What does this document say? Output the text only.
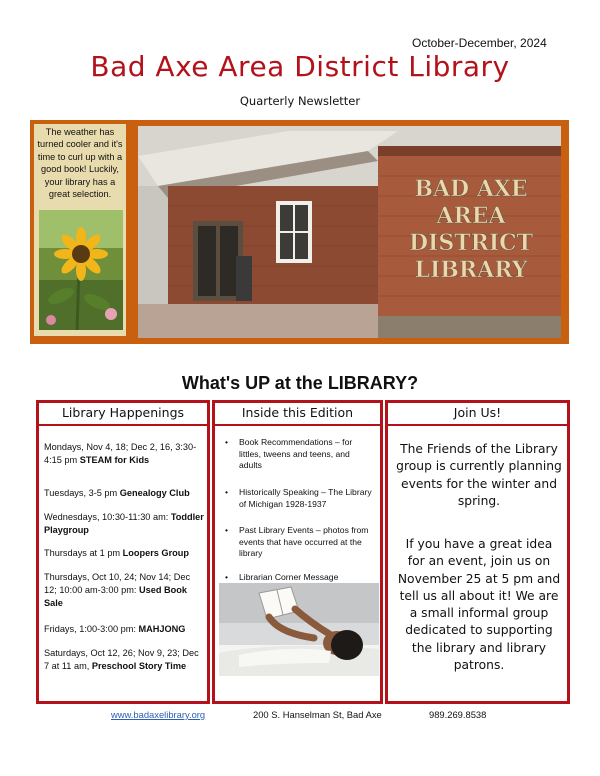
October-December, 2024
Bad Axe Area District Library
Quarterly Newsletter
The weather has turned cooler and it's time to curl up with a good book! Luckily, your library has a great selection.	BAD AXE
AREA
DISTRICT
LIBRARY
What's UP at the LIBRARY?
Library Happenings
Mondays, Nov 4, 18; Dec 2, 16, 3:30-4:15 pm STEAM for Kids
Tuesdays, 3-5 pm Genealogy Club
Wednesdays, 10:30-11:30 am: Toddler Playgroup
Thursdays at 1 pm Loopers Group
Thursdays, Oct 10, 24; Nov 14; Dec 12; 10:00 am-3:00 pm: Used Book Sale
Fridays, 1:00-3:00 pm: MAHJONG
Saturdays, Oct 12, 26; Nov 9, 23; Dec 7 at 11 am, Preschool Story Time
Inside this Edition
•	Book Recommendations – for littles, tweens and teens, and adults
•	Historically Speaking – The Library of Michigan 1928-1937
•	Past Library Events – photos from events that have occurred at the library
•	Librarian Corner Message
Join Us!
The Friends of the Library group is currently planning events for the winter and spring.
If you have a great idea for an event, join us on November 25 at 5 pm and tell us all about it! We are a small informal group dedicated to supporting the library and library patrons.
www.badaxelibrary.org	200 S. Hanselman St, Bad Axe	989.269.8538
